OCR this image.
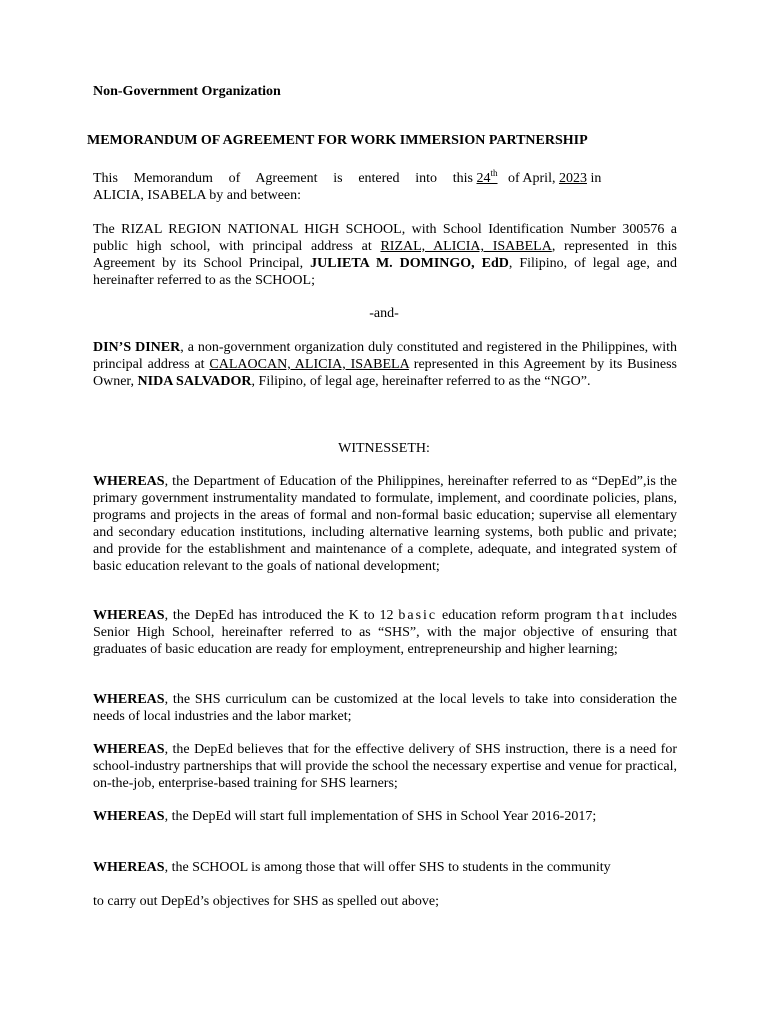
Non-Government Organization

MEMORANDUM OF AGREEMENT FOR WORK IMMERSION PARTNERSHIP

This Memorandum of Agreement is entered into this 24th of April, 2023 in

ALICIA, ISABELA by and between:

The RIZAL REGION NATIONAL HIGH SCHOOL, with School Identification Number 300576 a public high school, with principal address at RIZAL, ALICIA, ISABELA, represented in this Agreement by its School Principal, JULIETA M. DOMINGO, EdD, Filipino, of legal age, and hereinafter referred to as the SCHOOL;

-and-

DIN’S DINER, a non-government organization duly constituted and registered in the Philippines, with principal address at CALAOCAN, ALICIA, ISABELA represented in this Agreement by its Business Owner, NIDA SALVADOR, Filipino, of legal age, hereinafter referred to as the “NGO”.

WITNESSETH:

WHEREAS, the Department of Education of the Philippines, hereinafter referred to as “DepEd”,is the primary government instrumentality mandated to formulate, implement, and coordinate policies, plans, programs and projects in the areas of formal and non-formal basic education; supervise all elementary and secondary education institutions, including alternative learning systems, both public and private; and provide for the establishment and maintenance of a complete, adequate, and integrated system of basic education relevant to the goals of national development;

WHEREAS, the DepEd has introduced the K to 12 basic education reform program that includes Senior High School, hereinafter referred to as “SHS”, with the major objective of ensuring that graduates of basic education are ready for employment, entrepreneurship and higher learning;

WHEREAS, the SHS curriculum can be customized at the local levels to take into consideration the needs of local industries and the labor market;

WHEREAS, the DepEd believes that for the effective delivery of SHS instruction, there is a need for school-industry partnerships that will provide the school the necessary expertise and venue for practical, on-the-job, enterprise-based training for SHS learners;

WHEREAS, the DepEd will start full implementation of SHS in School Year 2016-2017;

WHEREAS, the SCHOOL is among those that will offer SHS to students in the community

to carry out DepEd’s objectives for SHS as spelled out above;
